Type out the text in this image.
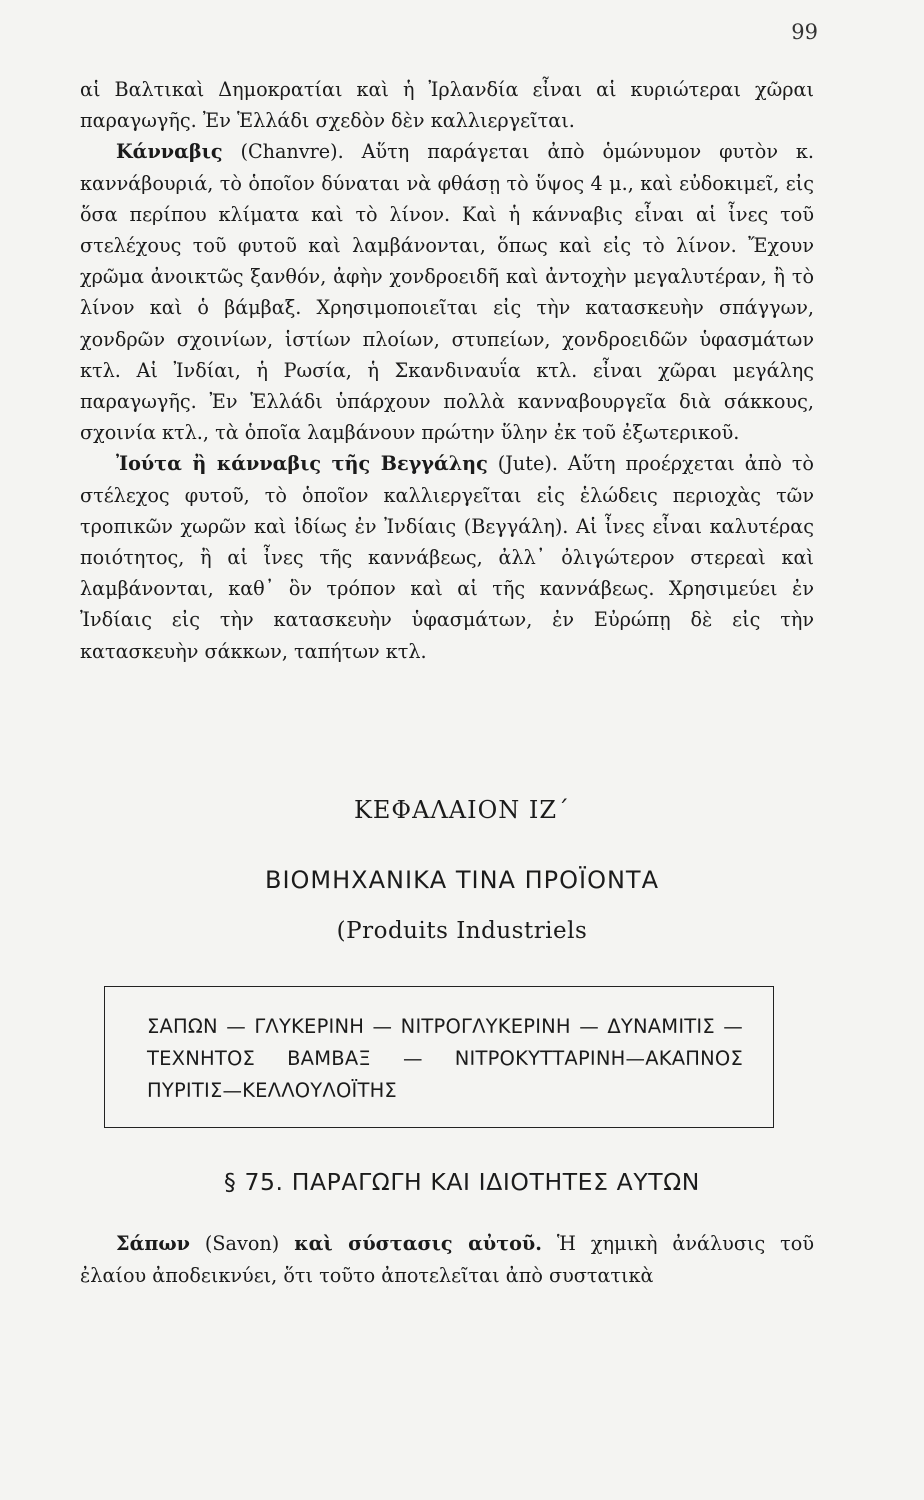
99

αἱ Βαλτικαὶ Δημοκρατίαι καὶ ἡ Ἰρλανδία εἶναι αἱ κυριώτεραι χῶραι παραγωγῆς. Ἐν Ἑλλάδι σχεδὸν δὲν καλλιεργεῖται.

Κάνναβις (Chanvre). Αὕτη παράγεται ἀπὸ ὁμώνυμον φυτὸν κ. καννάβουριά, τὸ ὁποῖον δύναται νὰ φθάσῃ τὸ ὕψος 4 μ., καὶ εὐδοκιμεῖ, εἰς ὅσα περίπου κλίματα καὶ τὸ λίνον. Καὶ ἡ κάνναβις εἶναι αἱ ἶνες τοῦ στελέχους τοῦ φυτοῦ καὶ λαμβάνονται, ὅπως καὶ εἰς τὸ λίνον. Ἔχουν χρῶμα ἀνοικτῶς ξανθόν, ἀφὴν χονδροειδῆ καὶ ἀντοχὴν μεγαλυτέραν, ἢ τὸ λίνον καὶ ὁ βάμβαξ. Χρησιμοποιεῖται εἰς τὴν κατασκευὴν σπάγγων, χονδρῶν σχοινίων, ἱστίων πλοίων, στυπείων, χονδροειδῶν ὑφασμάτων κτλ. Αἱ Ἰνδίαι, ἡ Ρωσία, ἡ Σκανδιναυΐα κτλ. εἶναι χῶραι μεγάλης παραγωγῆς. Ἐν Ἑλλάδι ὑπάρχουν πολλὰ κανναβουργεῖα διὰ σάκκους, σχοινία κτλ., τὰ ὁποῖα λαμβάνουν πρώτην ὕλην ἐκ τοῦ ἐξωτερικοῦ.

Ἰούτα ἢ κάνναβις τῆς Βεγγάλης (Jute). Αὕτη προέρχεται ἀπὸ τὸ στέλεχος φυτοῦ, τὸ ὁποῖον καλλιεργεῖται εἰς ἑλώδεις περιοχὰς τῶν τροπικῶν χωρῶν καὶ ἰδίως ἐν Ἰνδίαις (Βεγγάλη). Αἱ ἶνες εἶναι καλυτέρας ποιότητος, ἢ αἱ ἶνες τῆς καννάβεως, ἀλλ᾽ ὀλιγώτερον στερεαὶ καὶ λαμβάνονται, καθ᾽ ὃν τρόπον καὶ αἱ τῆς καννάβεως. Χρησιμεύει ἐν Ἰνδίαις εἰς τὴν κατασκευὴν ὑφασμάτων, ἐν Εὐρώπῃ δὲ εἰς τὴν κατασκευὴν σάκκων, ταπήτων κτλ.

ΚΕΦΑΛΑΙΟΝ ΙΖ΄
ΒΙΟΜΗΧΑΝΙΚΑ ΤΙΝΑ ΠΡΟΪΟΝΤΑ
(Produits Industriels
ΣΑΠΩΝ — ΓΛΥΚΕΡΙΝΗ — ΝΙΤΡΟΓΛΥΚΕΡΙΝΗ — ΔΥΝΑΜΙΤΙΣ — ΤΕΧΝΗΤΟΣ ΒΑΜΒΑΞ — ΝΙΤΡΟΚΥΤΤΑΡΙΝΗ—ΑΚΑΠΝΟΣ ΠΥΡΙΤΙΣ—ΚΕΛΛΟΥΛΟΪΤΗΣ
§ 75. ΠΑΡΑΓΩΓΗ ΚΑΙ ΙΔΙΟΤΗΤΕΣ ΑΥΤΩΝ

Σάπων (Savon) καὶ σύστασις αὐτοῦ. Ἡ χημικὴ ἀνάλυσις τοῦ ἐλαίου ἀποδεικνύει, ὅτι τοῦτο ἀποτελεῖται ἀπὸ συστατικὰ
